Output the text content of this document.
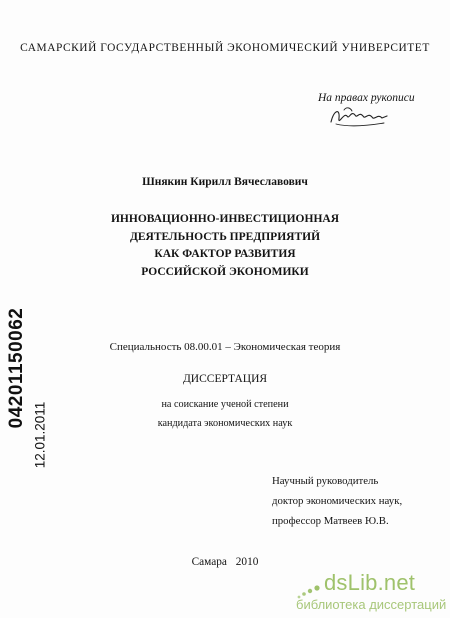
САМАРСКИЙ ГОСУДАРСТВЕННЫЙ ЭКОНОМИЧЕСКИЙ УНИВЕРСИТЕТ
На правах рукописи
Шнякин Кирилл Вячеславович
ИННОВАЦИОННО-ИНВЕСТИЦИОННАЯ
ДЕЯТЕЛЬНОСТЬ ПРЕДПРИЯТИЙ
КАК ФАКТОР РАЗВИТИЯ
РОССИЙСКОЙ ЭКОНОМИКИ
Специальность 08.00.01 – Экономическая теория
ДИССЕРТАЦИЯ
на соискание ученой степени
кандидата экономических наук
Научный руководитель
доктор экономических наук,
профессор Матвеев Ю.В.
Самара 2010
04201150062
12.01.2011
dsLib.net
библиотека диссертаций
